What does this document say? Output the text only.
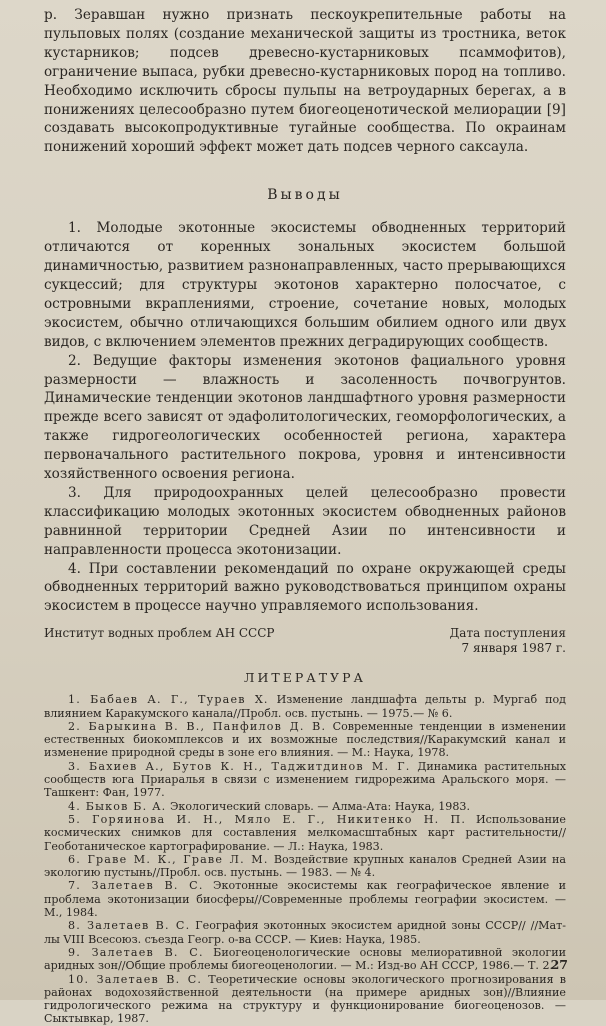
р. Зеравшан нужно признать пескоукрепительные работы на пульповых полях (создание механической защиты из тростника, веток кустарников; подсев древесно-кустарниковых псаммофитов), ограничение выпаса, рубки древесно-кустарниковых пород на топливо. Необходимо исключить сбросы пульпы на ветроударных берегах, а в понижениях целесообразно путем биогеоценотической мелиорации [9] создавать высокопродуктивные тугайные сообщества. По окраинам понижений хороший эффект может дать подсев черного саксаула.

Выводы

1. Молодые экотонные экосистемы обводненных территорий отличаются от коренных зональных экосистем большой динамичностью, развитием разнонаправленных, часто прерывающихся сукцессий; для структуры экотонов характерно полосчатое, с островными вкраплениями, строение, сочетание новых, молодых экосистем, обычно отличающихся большим обилием одного или двух видов, с включением элементов прежних деградирующих сообществ.

2. Ведущие факторы изменения экотонов фациального уровня размерности — влажность и засоленность почвогрунтов. Динамические тенденции экотонов ландшафтного уровня размерности прежде всего зависят от эдафолитологических, геоморфологических, а также гидрогеологических особенностей региона, характера первоначального растительного покрова, уровня и интенсивности хозяйственного освоения региона.

3. Для природоохранных целей целесообразно провести классификацию молодых экотонных экосистем обводненных районов равнинной территории Средней Азии по интенсивности и направленности процесса экотонизации.

4. При составлении рекомендаций по охране окружающей среды обводненных территорий важно руководствоваться принципом охраны экосистем в процессе научно управляемого использования.

Институт водных проблем АН СССР	Дата поступления
7 января 1987 г.
ЛИТЕРАТУРА

1. Бабаев А. Г., Тураев Х. Изменение ландшафта дельты р. Мургаб под влиянием Каракумского канала//Пробл. осв. пустынь. — 1975.— № 6.

2. Барыкина В. В., Панфилов Д. В. Современные тенденции в изменении естественных биокомплексов и их возможные последствия//Каракумский канал и изменение природной среды в зоне его влияния. — М.: Наука, 1978.

3. Бахиев А., Бутов К. Н., Таджитдинов М. Г. Динамика растительных сообществ юга Приаралья в связи с изменением гидрорежима Аральского моря. — Ташкент: Фан, 1977.

4. Быков Б. А. Экологический словарь. — Алма-Ата: Наука, 1983.

5. Горяинова И. Н., Мяло Е. Г., Никитенко Н. П. Использование космических снимков для составления мелкомасштабных карт растительности//Геоботаническое картографирование. — Л.: Наука, 1983.

6. Граве М. К., Граве Л. М. Воздействие крупных каналов Средней Азии на экологию пустынь//Пробл. осв. пустынь. — 1983. — № 4.

7. Залетаев В. С. Экотонные экосистемы как географическое явление и проблема экотонизации биосферы//Современные проблемы географии экосистем. — М., 1984.

8. Залетаев В. С. География экотонных экосистем аридной зоны СССР// //Мат-лы VIII Всесоюз. съезда Геогр. о-ва СССР. — Киев: Наука, 1985.

9. Залетаев В. С. Биогеоценологические основы мелиоративной экологии аридных зон//Общие проблемы биогеоценологии. — М.: Изд-во АН СССР, 1986.— Т. 2.

10. Залетаев В. С. Теоретические основы экологического прогнозирования в районах водохозяйственной деятельности (на примере аридных зон)//Влияние гидрологического режима на структуру и функционирование биогеоценозов. — Сыктывкар, 1987.

27
